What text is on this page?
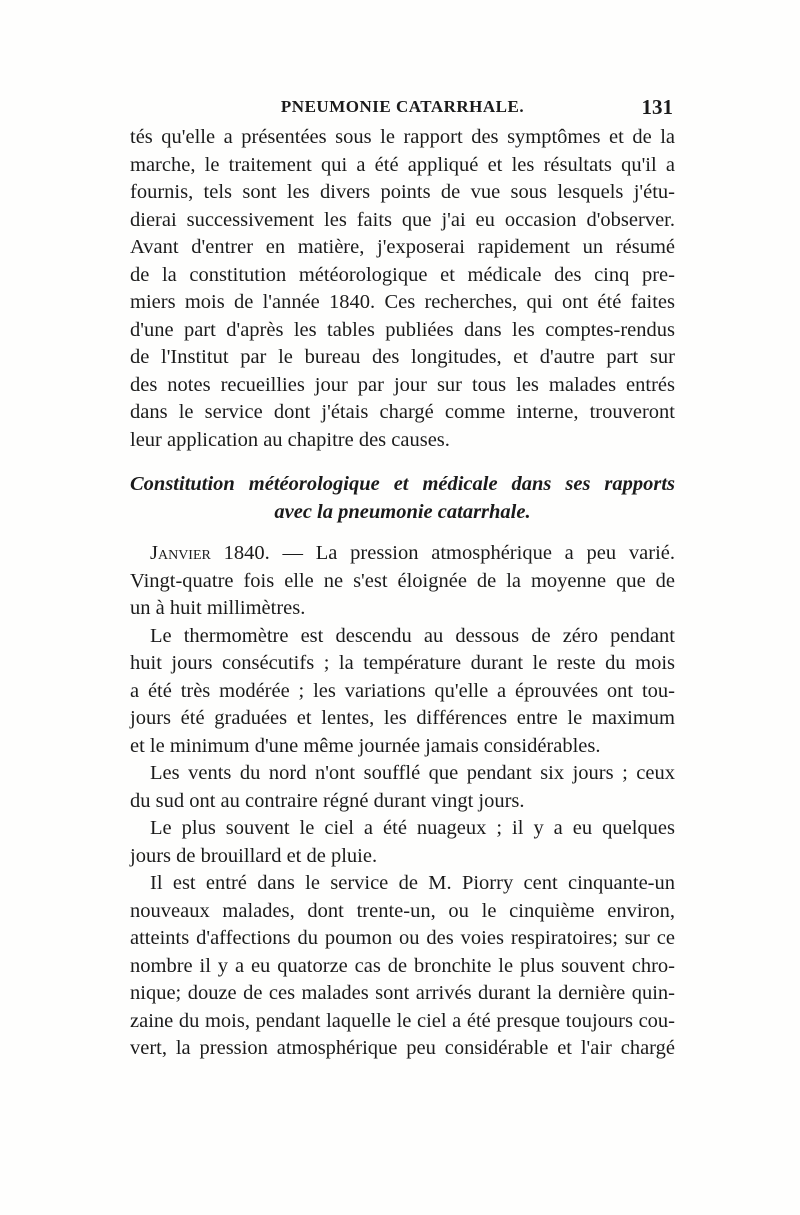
PNEUMONIE CATARRHALE.	131

tés qu'elle a présentées sous le rapport des symptômes et de la
marche, le traitement qui a été appliqué et les résultats qu'il a
fournis, tels sont les divers points de vue sous lesquels j'étu-
dierai successivement les faits que j'ai eu occasion d'observer.
Avant d'entrer en matière, j'exposerai rapidement un résumé
de la constitution météorologique et médicale des cinq pre-
miers mois de l'année 1840. Ces recherches, qui ont été faites
d'une part d'après les tables publiées dans les comptes-rendus
de l'Institut par le bureau des longitudes, et d'autre part sur
des notes recueillies jour par jour sur tous les malades entrés
dans le service dont j'étais chargé comme interne, trouveront
leur application au chapitre des causes.

Constitution météorologique et médicale dans ses rapports
avec la pneumonie catarrhale.

Janvier 1840. — La pression atmosphérique a peu varié.
Vingt-quatre fois elle ne s'est éloignée de la moyenne que de
un à huit millimètres.

Le thermomètre est descendu au dessous de zéro pendant
huit jours consécutifs ; la température durant le reste du mois
a été très modérée ; les variations qu'elle a éprouvées ont tou-
jours été graduées et lentes, les différences entre le maximum
et le minimum d'une même journée jamais considérables.

Les vents du nord n'ont soufflé que pendant six jours ; ceux
du sud ont au contraire régné durant vingt jours.

Le plus souvent le ciel a été nuageux ; il y a eu quelques
jours de brouillard et de pluie.

Il est entré dans le service de M. Piorry cent cinquante-un
nouveaux malades, dont trente-un, ou le cinquième environ,
atteints d'affections du poumon ou des voies respiratoires; sur ce
nombre il y a eu quatorze cas de bronchite le plus souvent chro-
nique; douze de ces malades sont arrivés durant la dernière quin-
zaine du mois, pendant laquelle le ciel a été presque toujours cou-
vert, la pression atmosphérique peu considérable et l'air chargé
